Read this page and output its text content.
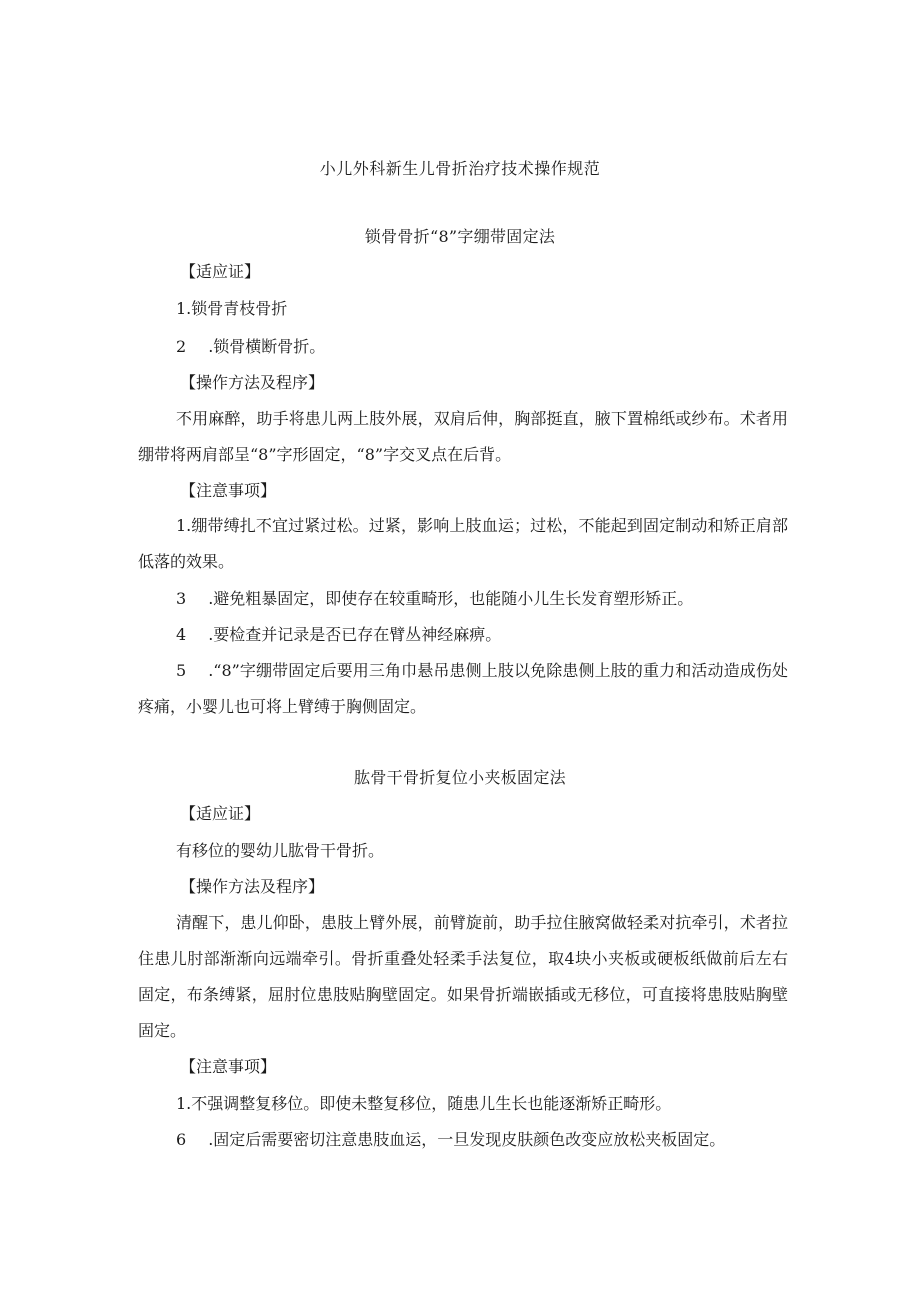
小儿外科新生儿骨折治疗技术操作规范
锁骨骨折“8”字绷带固定法
【适应证】
1.锁骨青枝骨折
2 .锁骨横断骨折。
【操作方法及程序】
不用麻醉，助手将患儿两上肢外展，双肩后伸，胸部挺直，腋下置棉纸或纱布。术者用绷带将两肩部呈“8”字形固定，“8”字交叉点在后背。
【注意事项】
1.绷带缚扎不宜过紧过松。过紧，影响上肢血运；过松，不能起到固定制动和矫正肩部低落的效果。
3 .避免粗暴固定，即使存在较重畸形，也能随小儿生长发育塑形矫正。
4 .要检查并记录是否已存在臂丛神经麻痹。
5 .“8”字绷带固定后要用三角巾悬吊患侧上肢以免除患侧上肢的重力和活动造成伤处疼痛，小婴儿也可将上臂缚于胸侧固定。
肱骨干骨折复位小夹板固定法
【适应证】
有移位的婴幼儿肱骨干骨折。
【操作方法及程序】
清醒下，患儿仰卧，患肢上臂外展，前臂旋前，助手拉住腋窝做轻柔对抗牵引，术者拉住患儿肘部渐渐向远端牵引。骨折重叠处轻柔手法复位，取4块小夹板或硬板纸做前后左右固定，布条缚紧，屈肘位患肢贴胸壁固定。如果骨折端嵌插或无移位，可直接将患肢贴胸壁固定。
【注意事项】
1.不强调整复移位。即使未整复移位，随患儿生长也能逐渐矫正畸形。
6 .固定后需要密切注意患肢血运，一旦发现皮肤颜色改变应放松夹板固定。
